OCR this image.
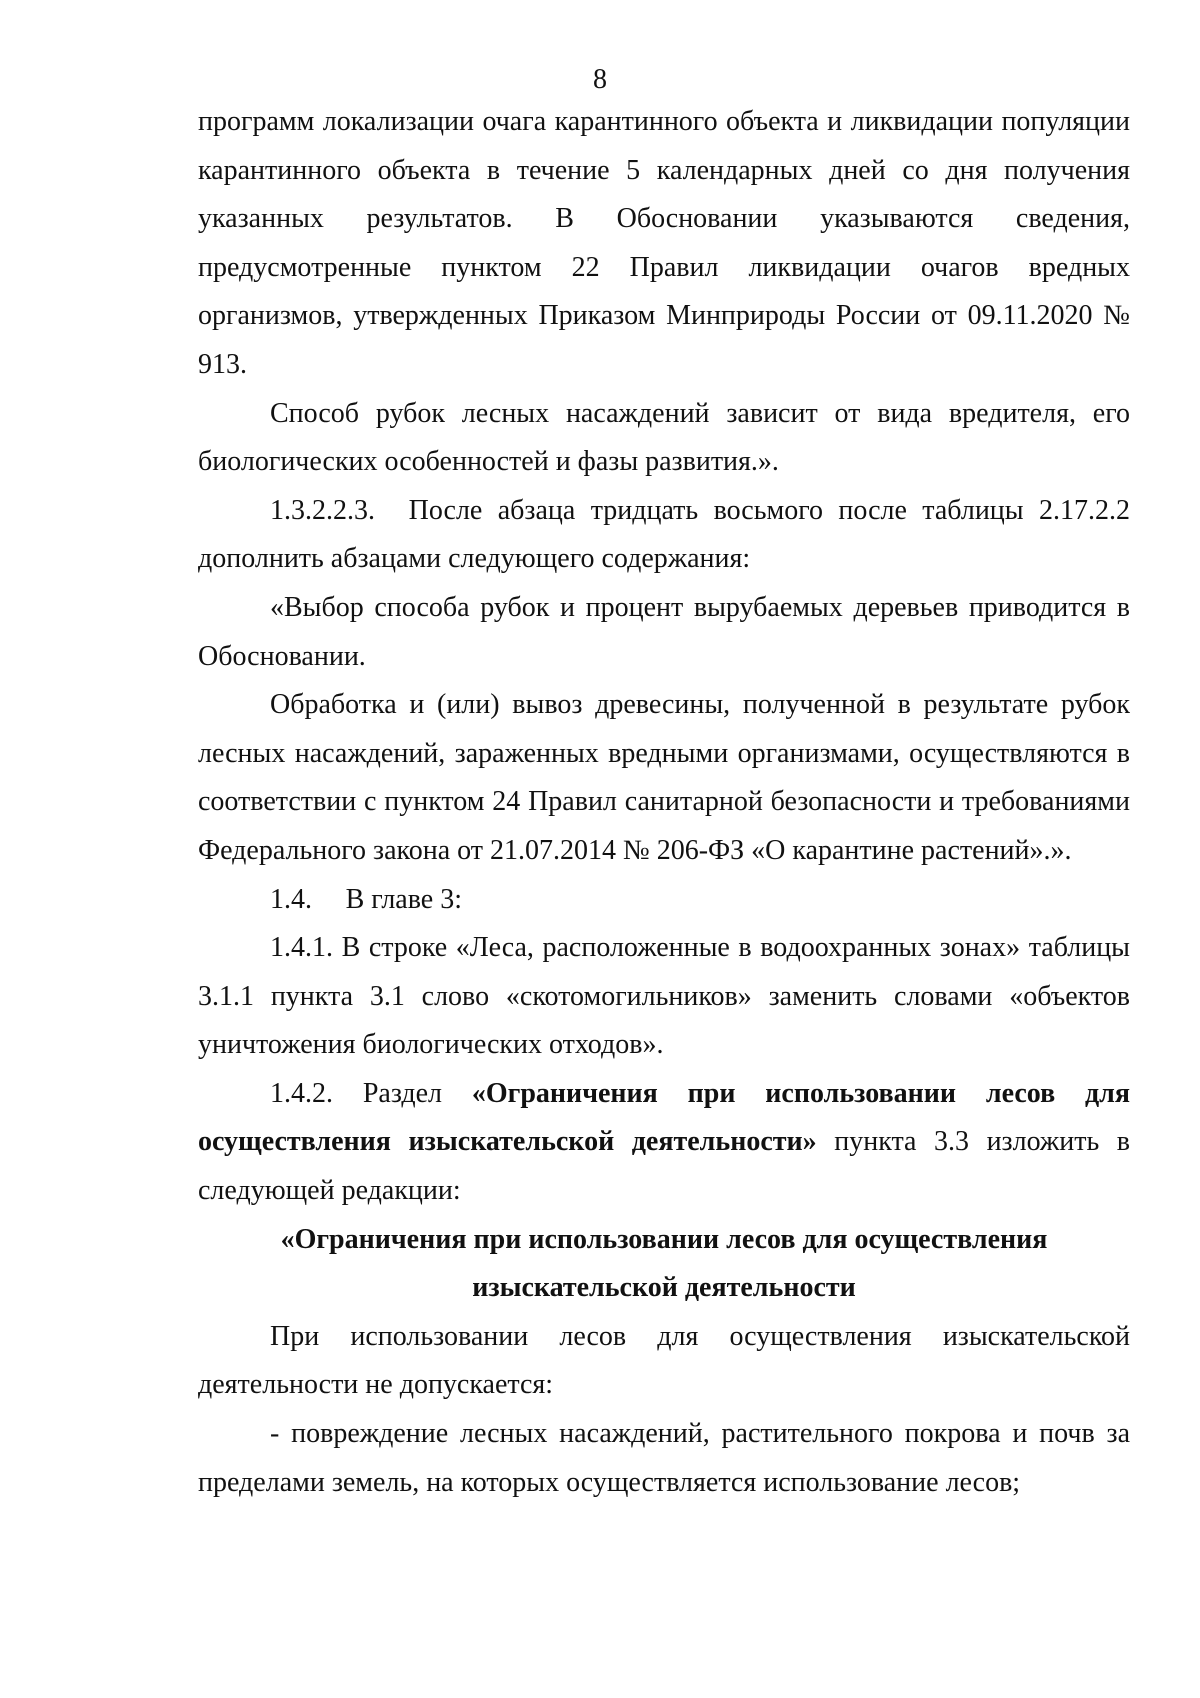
8

программ локализации очага карантинного объекта и ликвидации популяции карантинного объекта в течение 5 календарных дней со дня получения указанных результатов. В Обосновании указываются сведения, предусмотренные пунктом 22 Правил ликвидации очагов вредных организмов, утвержденных Приказом Минприроды России от 09.11.2020 № 913.

Способ рубок лесных насаждений зависит от вида вредителя, его биологических особенностей и фазы развития.».

1.3.2.2.3. После абзаца тридцать восьмого после таблицы 2.17.2.2 дополнить абзацами следующего содержания:

«Выбор способа рубок и процент вырубаемых деревьев приводится в Обосновании.

Обработка и (или) вывоз древесины, полученной в результате рубок лесных насаждений, зараженных вредными организмами, осуществляются в соответствии с пунктом 24 Правил санитарной безопасности и требованиями Федерального закона от 21.07.2014 № 206-ФЗ «О карантине растений».».

1.4. В главе 3:

1.4.1. В строке «Леса, расположенные в водоохранных зонах» таблицы 3.1.1 пункта 3.1 слово «скотомогильников» заменить словами «объектов уничтожения биологических отходов».

1.4.2. Раздел «Ограничения при использовании лесов для осуществления изыскательской деятельности» пункта 3.3 изложить в следующей редакции:

«Ограничения при использовании лесов для осуществления

изыскательской деятельности

При использовании лесов для осуществления изыскательской деятельности не допускается:

- повреждение лесных насаждений, растительного покрова и почв за пределами земель, на которых осуществляется использование лесов;
